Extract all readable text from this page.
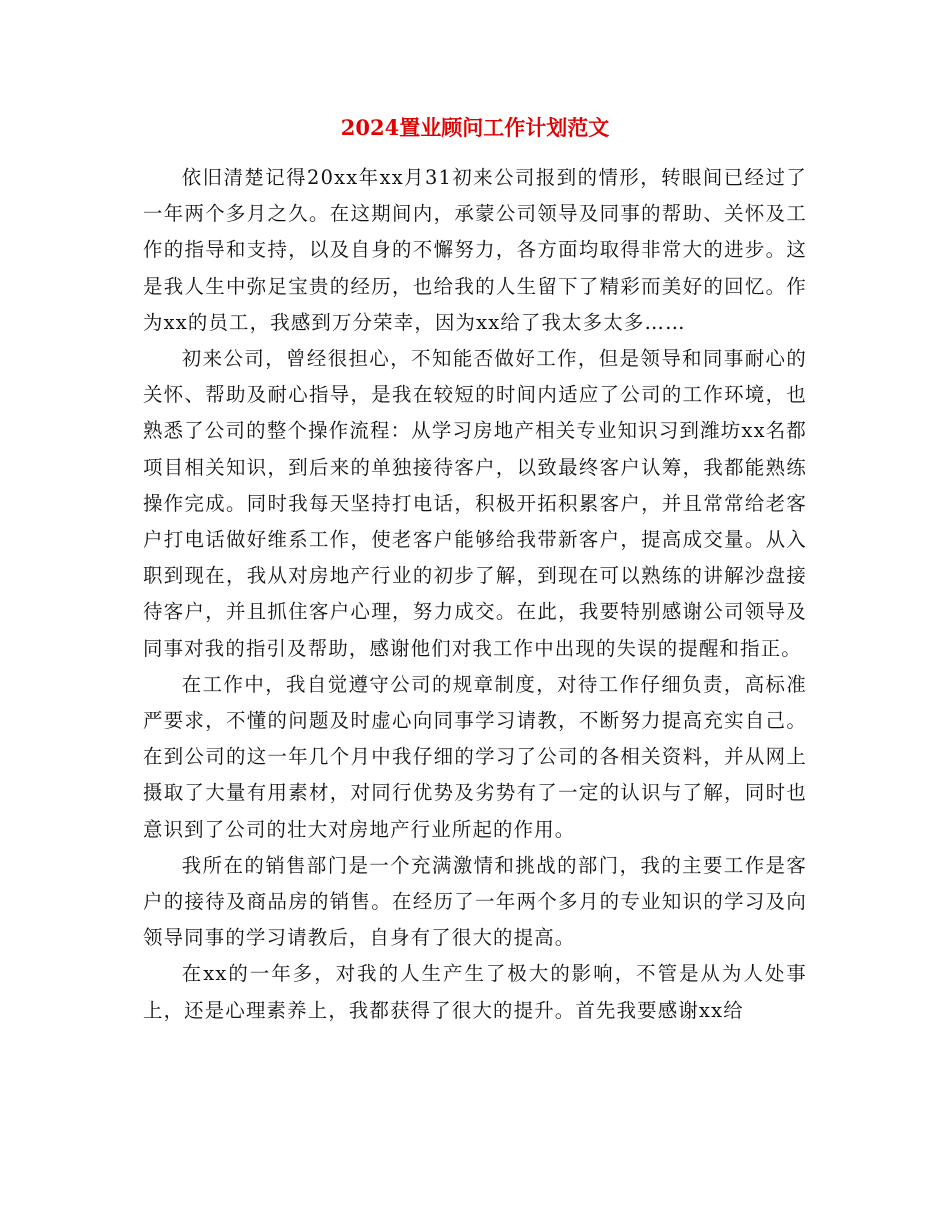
2024置业顾问工作计划范文

依旧清楚记得20xx年xx月31初来公司报到的情形，转眼间已经过了一年两个多月之久。在这期间内，承蒙公司领导及同事的帮助、关怀及工作的指导和支持，以及自身的不懈努力，各方面均取得非常大的进步。这是我人生中弥足宝贵的经历，也给我的人生留下了精彩而美好的回忆。作为xx的员工，我感到万分荣幸，因为xx给了我太多太多……

初来公司，曾经很担心，不知能否做好工作，但是领导和同事耐心的关怀、帮助及耐心指导，是我在较短的时间内适应了公司的工作环境，也熟悉了公司的整个操作流程：从学习房地产相关专业知识习到潍坊xx名都项目相关知识，到后来的单独接待客户，以致最终客户认筹，我都能熟练操作完成。同时我每天坚持打电话，积极开拓积累客户，并且常常给老客户打电话做好维系工作，使老客户能够给我带新客户，提高成交量。从入职到现在，我从对房地产行业的初步了解，到现在可以熟练的讲解沙盘接待客户，并且抓住客户心理，努力成交。在此，我要特别感谢公司领导及同事对我的指引及帮助，感谢他们对我工作中出现的失误的提醒和指正。

在工作中，我自觉遵守公司的规章制度，对待工作仔细负责，高标准严要求，不懂的问题及时虚心向同事学习请教，不断努力提高充实自己。在到公司的这一年几个月中我仔细的学习了公司的各相关资料，并从网上摄取了大量有用素材，对同行优势及劣势有了一定的认识与了解，同时也意识到了公司的壮大对房地产行业所起的作用。

我所在的销售部门是一个充满激情和挑战的部门，我的主要工作是客户的接待及商品房的销售。在经历了一年两个多月的专业知识的学习及向领导同事的学习请教后，自身有了很大的提高。

在xx的一年多，对我的人生产生了极大的影响，不管是从为人处事上，还是心理素养上，我都获得了很大的提升。首先我要感谢xx给
